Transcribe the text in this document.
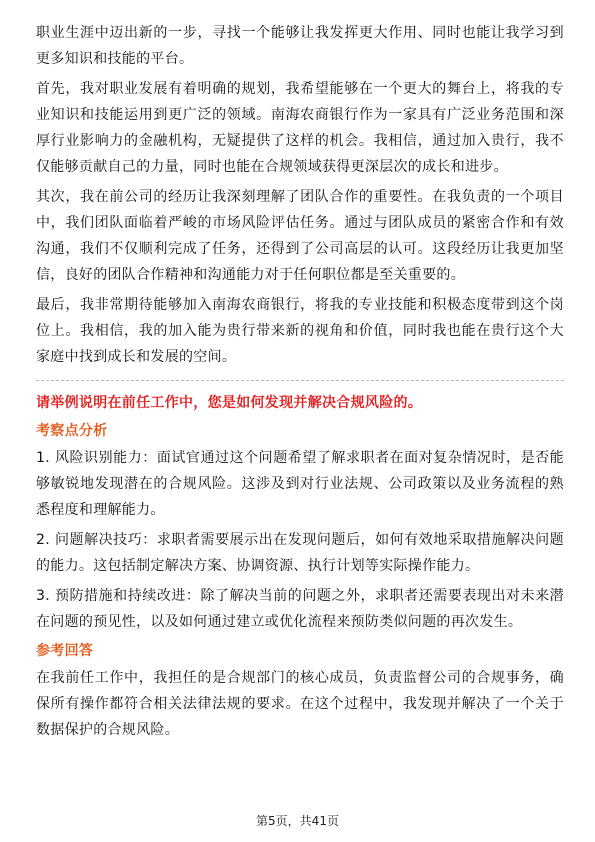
职业生涯中迈出新的一步，寻找一个能够让我发挥更大作用、同时也能让我学习到更多知识和技能的平台。

首先，我对职业发展有着明确的规划，我希望能够在一个更大的舞台上，将我的专业知识和技能运用到更广泛的领域。南海农商银行作为一家具有广泛业务范围和深厚行业影响力的金融机构，无疑提供了这样的机会。我相信，通过加入贵行，我不仅能够贡献自己的力量，同时也能在合规领域获得更深层次的成长和进步。

其次，我在前公司的经历让我深刻理解了团队合作的重要性。在我负责的一个项目中，我们团队面临着严峻的市场风险评估任务。通过与团队成员的紧密合作和有效沟通，我们不仅顺利完成了任务，还得到了公司高层的认可。这段经历让我更加坚信，良好的团队合作精神和沟通能力对于任何职位都是至关重要的。

最后，我非常期待能够加入南海农商银行，将我的专业技能和积极态度带到这个岗位上。我相信，我的加入能为贵行带来新的视角和价值，同时我也能在贵行这个大家庭中找到成长和发展的空间。

请举例说明在前任工作中，您是如何发现并解决合规风险的。
考察点分析

1. 风险识别能力：面试官通过这个问题希望了解求职者在面对复杂情况时，是否能够敏锐地发现潜在的合规风险。这涉及到对行业法规、公司政策以及业务流程的熟悉程度和理解能力。

2. 问题解决技巧：求职者需要展示出在发现问题后，如何有效地采取措施解决问题的能力。这包括制定解决方案、协调资源、执行计划等实际操作能力。

3. 预防措施和持续改进：除了解决当前的问题之外，求职者还需要表现出对未来潜在问题的预见性，以及如何通过建立或优化流程来预防类似问题的再次发生。

参考回答

在我前任工作中，我担任的是合规部门的核心成员，负责监督公司的合规事务，确保所有操作都符合相关法律法规的要求。在这个过程中，我发现并解决了一个关于数据保护的合规风险。

第5页，共41页
